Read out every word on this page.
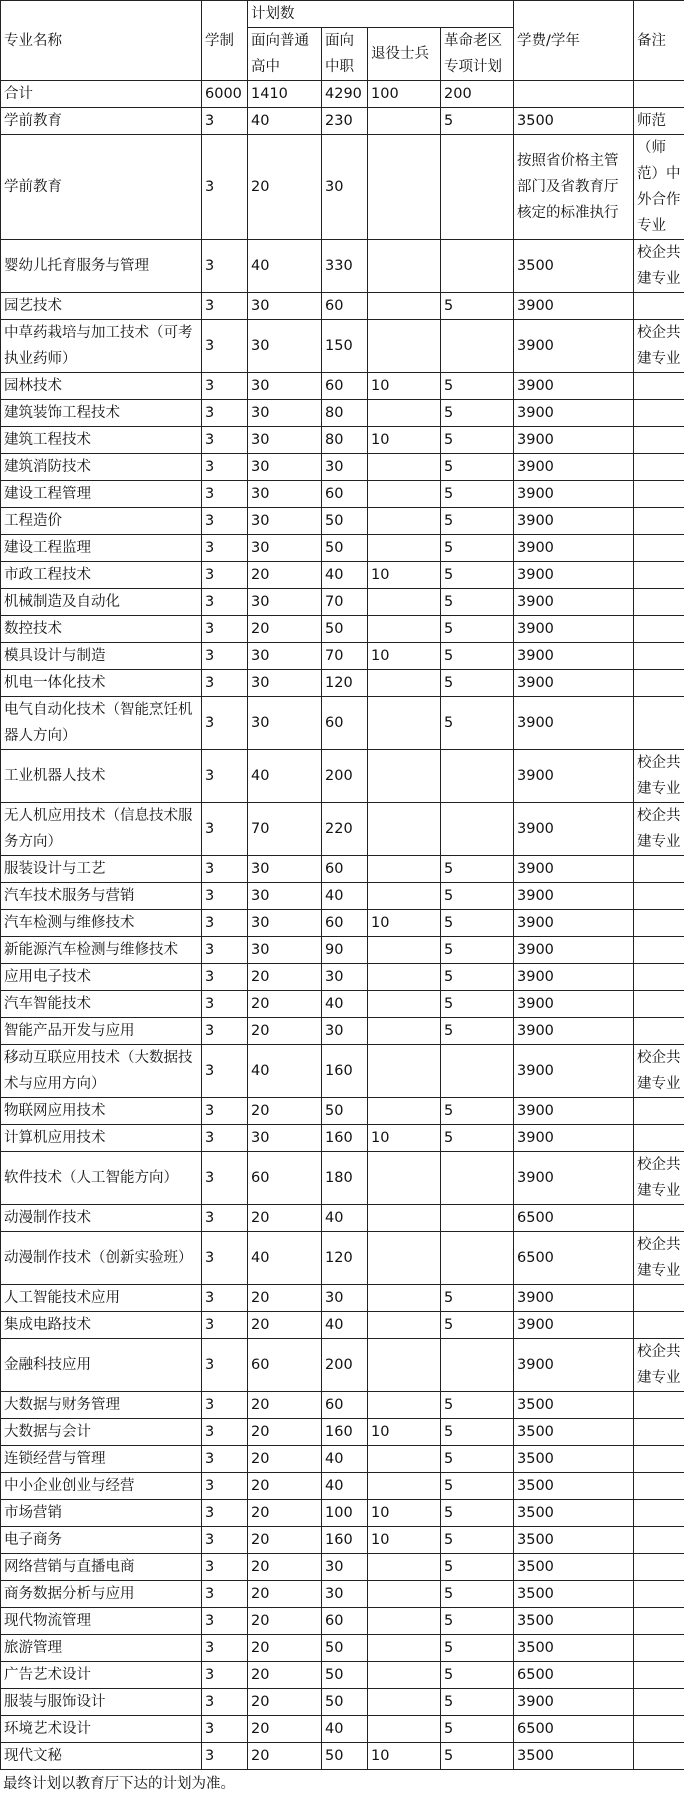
专业名称	学制	计划数				学费/学年	备注
		面向普通高中	面向中职	退役士兵	革命老区专项计划		
合计	6000	1410	4290	100	200		
学前教育	3	40	230		5	3500	师范
学前教育	3	20	30			按照省价格主管部门及省教育厅核定的标准执行	（师范）中外合作专业
婴幼儿托育服务与管理	3	40	330			3500	校企共建专业
园艺技术	3	30	60		5	3900	
中草药栽培与加工技术（可考执业药师）	3	30	150			3900	校企共建专业
园林技术	3	30	60	10	5	3900	
建筑装饰工程技术	3	30	80		5	3900	
建筑工程技术	3	30	80	10	5	3900	
建筑消防技术	3	30	30		5	3900	
建设工程管理	3	30	60		5	3900	
工程造价	3	30	50		5	3900	
建设工程监理	3	30	50		5	3900	
市政工程技术	3	20	40	10	5	3900	
机械制造及自动化	3	30	70		5	3900	
数控技术	3	20	50		5	3900	
模具设计与制造	3	30	70	10	5	3900	
机电一体化技术	3	30	120		5	3900	
电气自动化技术（智能烹饪机器人方向）	3	30	60		5	3900	
工业机器人技术	3	40	200			3900	校企共建专业
无人机应用技术（信息技术服务方向）	3	70	220			3900	校企共建专业
服装设计与工艺	3	30	60		5	3900	
汽车技术服务与营销	3	30	40		5	3900	
汽车检测与维修技术	3	30	60	10	5	3900	
新能源汽车检测与维修技术	3	30	90		5	3900	
应用电子技术	3	20	30		5	3900	
汽车智能技术	3	20	40		5	3900	
智能产品开发与应用	3	20	30		5	3900	
移动互联应用技术（大数据技术与应用方向）	3	40	160			3900	校企共建专业
物联网应用技术	3	20	50		5	3900	
计算机应用技术	3	30	160	10	5	3900	
软件技术（人工智能方向）	3	60	180			3900	校企共建专业
动漫制作技术	3	20	40			6500	
动漫制作技术（创新实验班）	3	40	120			6500	校企共建专业
人工智能技术应用	3	20	30		5	3900	
集成电路技术	3	20	40		5	3900	
金融科技应用	3	60	200			3900	校企共建专业
大数据与财务管理	3	20	60		5	3500	
大数据与会计	3	20	160	10	5	3500	
连锁经营与管理	3	20	40		5	3500	
中小企业创业与经营	3	20	40		5	3500	
市场营销	3	20	100	10	5	3500	
电子商务	3	20	160	10	5	3500	
网络营销与直播电商	3	20	30		5	3500	
商务数据分析与应用	3	20	30		5	3500	
现代物流管理	3	20	60		5	3500	
旅游管理	3	20	50		5	3500	
广告艺术设计	3	20	50		5	6500	
服装与服饰设计	3	20	50		5	3900	
环境艺术设计	3	20	40		5	6500	
现代文秘	3	20	50	10	5	3500	
最终计划以教育厅下达的计划为准。
